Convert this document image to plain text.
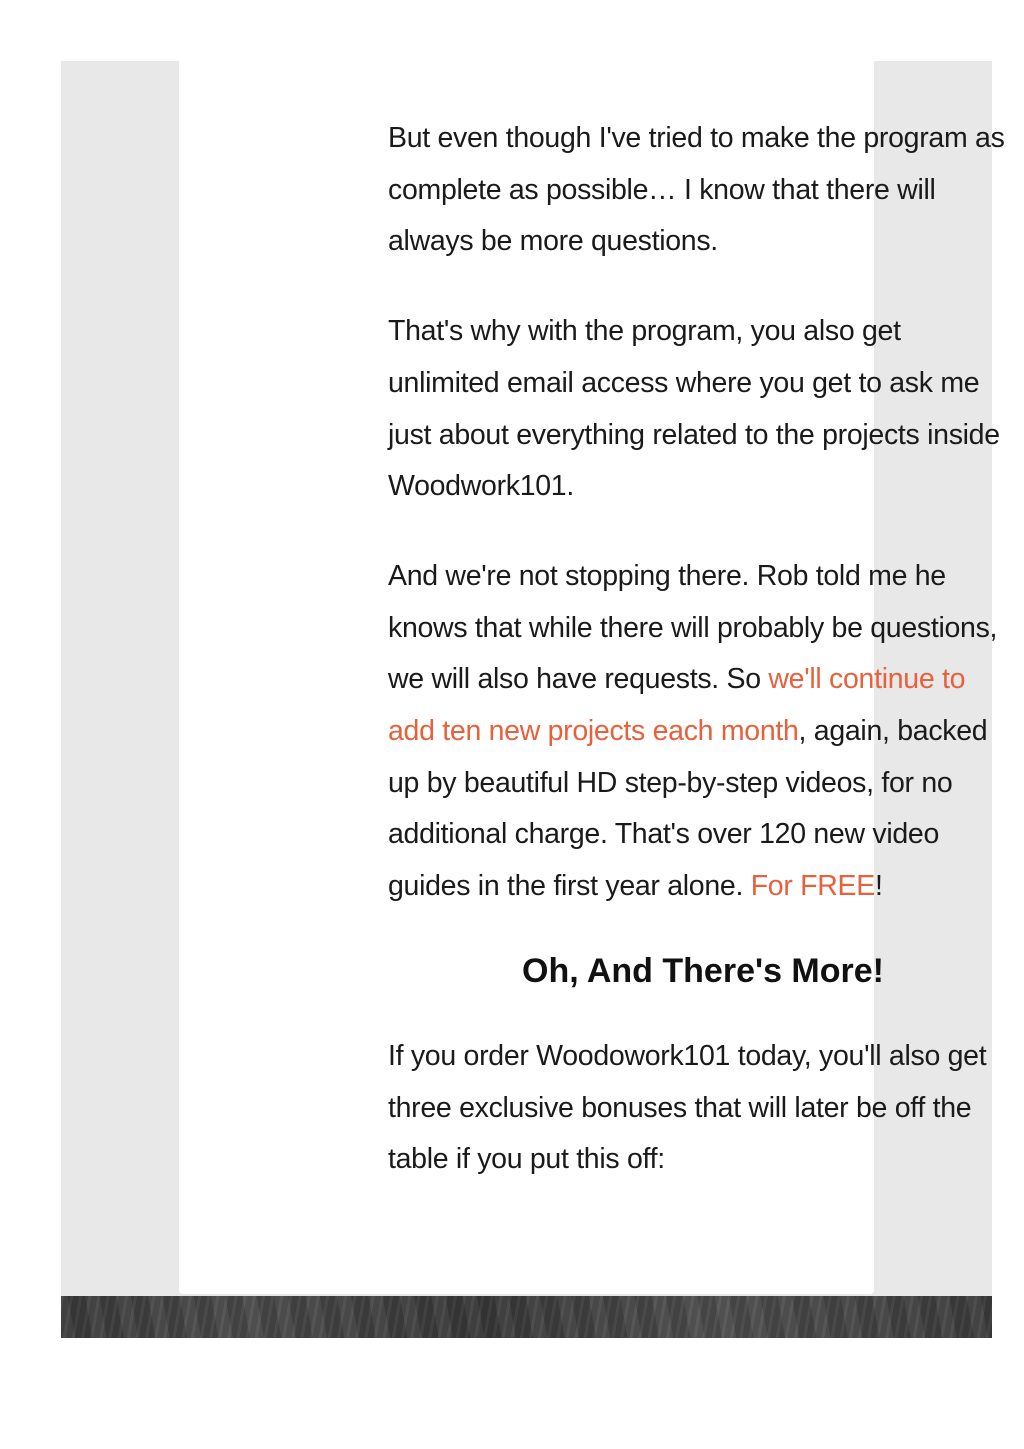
But even though I've tried to make the program as complete as possible… I know that there will always be more questions.

That's why with the program, you also get unlimited email access where you get to ask me just about everything related to the projects inside Woodwork101.

And we're not stopping there. Rob told me he knows that while there will probably be questions, we will also have requests. So we'll continue to add ten new projects each month, again, backed up by beautiful HD step-by-step videos, for no additional charge. That's over 120 new video guides in the first year alone. For FREE!

Oh, And There's More!

If you order Woodowork101 today, you'll also get three exclusive bonuses that will later be off the table if you put this off:
